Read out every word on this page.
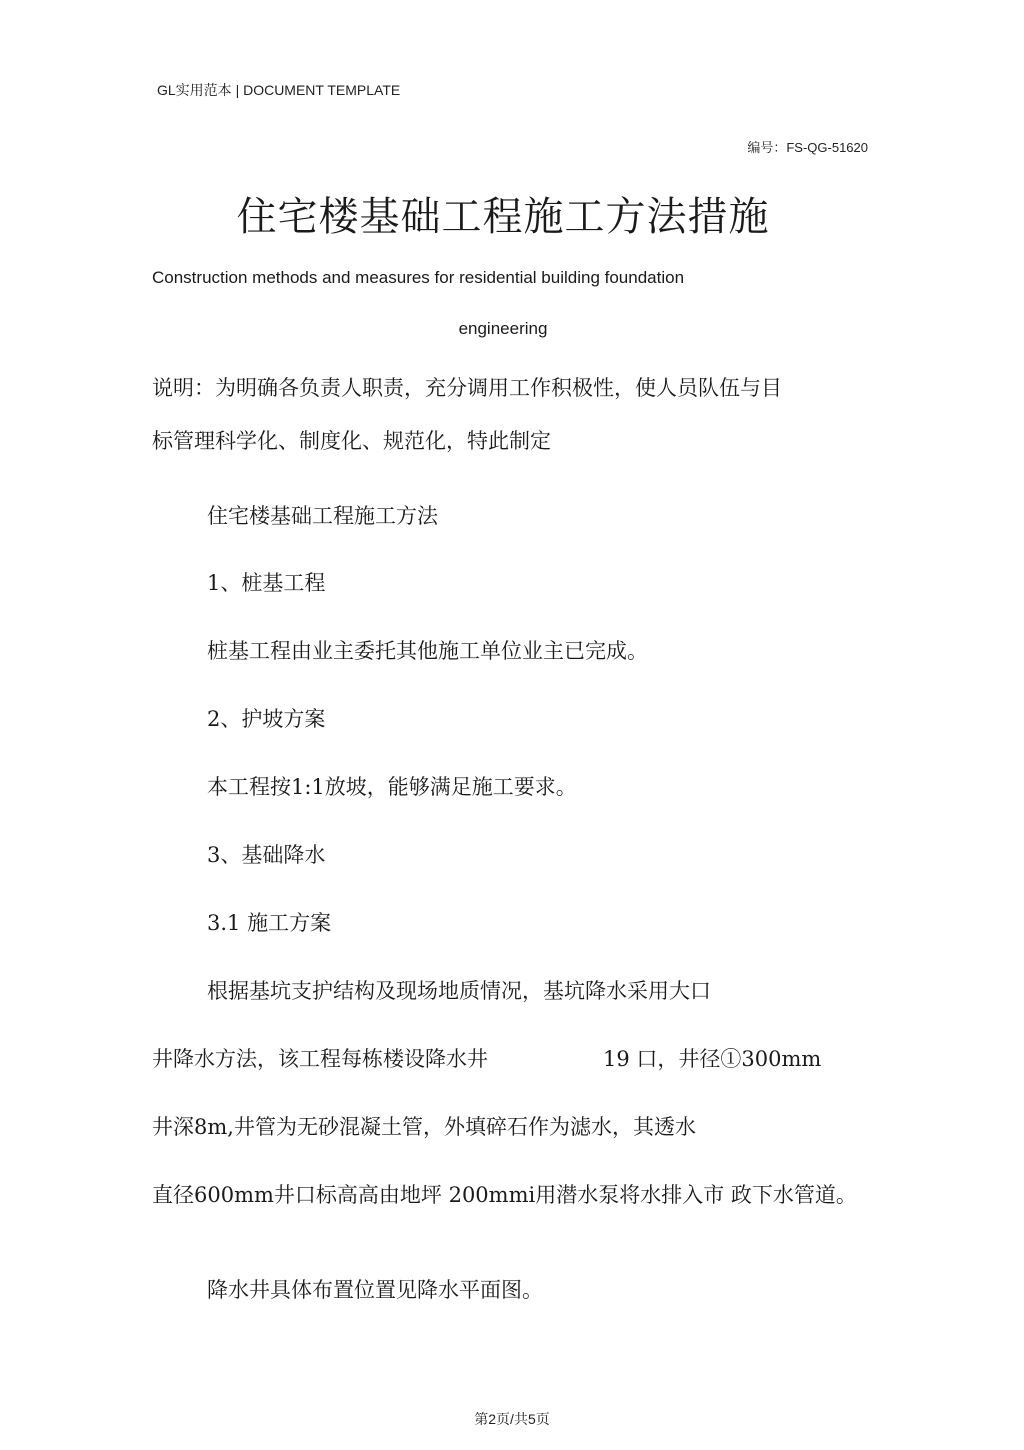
GL实用范本 | DOCUMENT TEMPLATE
编号：FS-QG-51620
住宅楼基础工程施工方法措施
Construction methods and measures for residential building foundation
engineering
说明：为明确各负责人职责，充分调用工作积极性，使人员队伍与目
标管理科学化、制度化、规范化，特此制定
住宅楼基础工程施工方法
1、桩基工程
桩基工程由业主委托其他施工单位业主已完成。
2、护坡方案
本工程按1:1放坡，能够满足施工要求。
3、基础降水
3.1 施工方案
根据基坑支护结构及现场地质情况，基坑降水采用大口
井降水方法，该工程每栋楼设降水井	19 口，井径①300mm
井深8m,井管为无砂混凝土管，外填碎石作为滤水，其透水
直径600mm井口标高高由地坪 200mmi用潜水泵将水排入市 政下水管道。
降水井具体布置位置见降水平面图。
第2页/共5页
